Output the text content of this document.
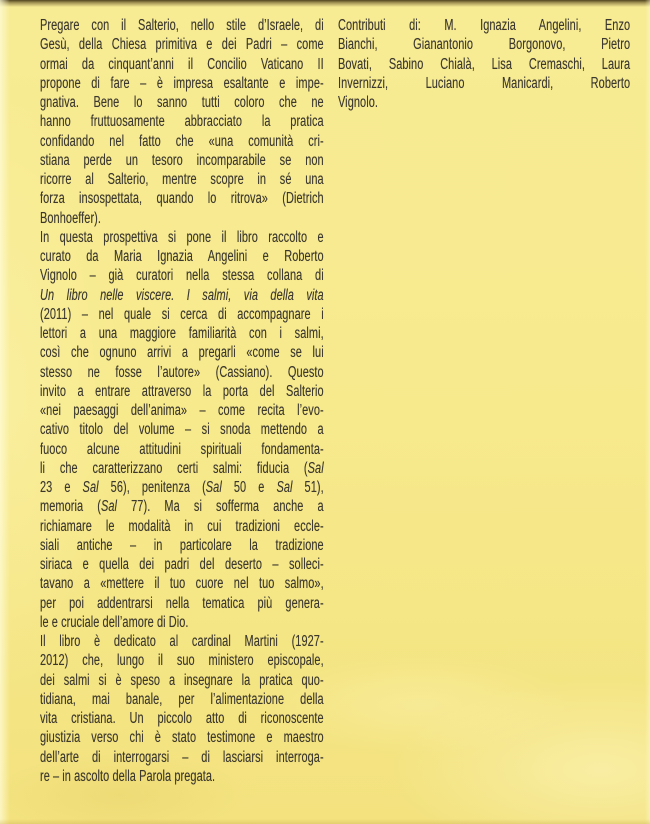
Pregare con il Salterio, nello stile d’Israele, di
Gesù, della Chiesa primitiva e dei Padri – come
ormai da cinquant’anni il Concilio Vaticano II
propone di fare – è impresa esaltante e impe-
gnativa. Bene lo sanno tutti coloro che ne
hanno fruttuosamente abbracciato la pratica
confidando nel fatto che «una comunità cri-
stiana perde un tesoro incomparabile se non
ricorre al Salterio, mentre scopre in sé una
forza insospettata, quando lo ritrova» (Dietrich
Bonhoeffer).
In questa prospettiva si pone il libro raccolto e
curato da Maria Ignazia Angelini e Roberto
Vignolo – già curatori nella stessa collana di
Un libro nelle viscere. I salmi, via della vita
(2011) – nel quale si cerca di accompagnare i
lettori a una maggiore familiarità con i salmi,
così che ognuno arrivi a pregarli «come se lui
stesso ne fosse l’autore» (Cassiano). Questo
invito a entrare attraverso la porta del Salterio
«nei paesaggi dell’anima» – come recita l’evo-
cativo titolo del volume – si snoda mettendo a
fuoco alcune attitudini spirituali fondamenta-
li che caratterizzano certi salmi: fiducia (Sal
23 e Sal 56), penitenza (Sal 50 e Sal 51),
memoria (Sal 77). Ma si sofferma anche a
richiamare le modalità in cui tradizioni eccle-
siali antiche – in particolare la tradizione
siriaca e quella dei padri del deserto – solleci-
tavano a «mettere il tuo cuore nel tuo salmo»,
per poi addentrarsi nella tematica più genera-
le e cruciale dell’amore di Dio.
Il libro è dedicato al cardinal Martini (1927-
2012) che, lungo il suo ministero episcopale,
dei salmi si è speso a insegnare la pratica quo-
tidiana, mai banale, per l’alimentazione della
vita cristiana. Un piccolo atto di riconoscente
giustizia verso chi è stato testimone e maestro
dell’arte di interrogarsi – di lasciarsi interroga-
re – in ascolto della Parola pregata.
Contributi di: M. Ignazia Angelini, Enzo
Bianchi, Gianantonio Borgonovo, Pietro
Bovati, Sabino Chialà, Lisa Cremaschi, Laura
Invernizzi, Luciano Manicardi, Roberto
Vignolo.
